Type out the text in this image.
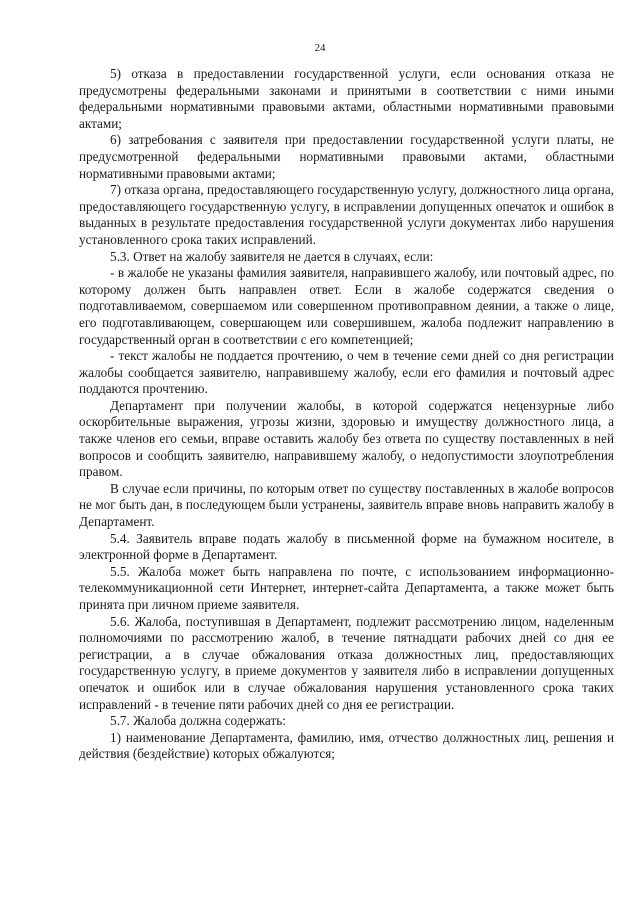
24

5) отказа в предоставлении государственной услуги, если основания отказа не предусмотрены федеральными законами и принятыми в соответствии с ними иными федеральными нормативными правовыми актами, областными нормативными правовыми актами;

6) затребования с заявителя при предоставлении государственной услуги платы, не предусмотренной федеральными нормативными правовыми актами, областными нормативными правовыми актами;

7) отказа органа, предоставляющего государственную услугу, должностного лица органа, предоставляющего государственную услугу, в исправлении допущенных опечаток и ошибок в выданных в результате предоставления государственной услуги документах либо нарушения установленного срока таких исправлений.

5.3. Ответ на жалобу заявителя не дается в случаях, если:

- в жалобе не указаны фамилия заявителя, направившего жалобу, или почтовый адрес, по которому должен быть направлен ответ. Если в жалобе содержатся сведения о подготавливаемом, совершаемом или совершенном противоправном деянии, а также о лице, его подготавливающем, совершающем или совершившем, жалоба подлежит направлению в государственный орган в соответствии с его компетенцией;

- текст жалобы не поддается прочтению, о чем в течение семи дней со дня регистрации жалобы сообщается заявителю, направившему жалобу, если его фамилия и почтовый адрес поддаются прочтению.

Департамент при получении жалобы, в которой содержатся нецензурные либо оскорбительные выражения, угрозы жизни, здоровью и имуществу должностного лица, а также членов его семьи, вправе оставить жалобу без ответа по существу поставленных в ней вопросов и сообщить заявителю, направившему жалобу, о недопустимости злоупотребления правом.

В случае если причины, по которым ответ по существу поставленных в жалобе вопросов не мог быть дан, в последующем были устранены, заявитель вправе вновь направить жалобу в Департамент.

5.4. Заявитель вправе подать жалобу в письменной форме на бумажном носителе, в электронной форме в Департамент.

5.5. Жалоба может быть направлена по почте, с использованием информационно-телекоммуникационной сети Интернет, интернет-сайта Департамента, а также может быть принята при личном приеме заявителя.

5.6. Жалоба, поступившая в Департамент, подлежит рассмотрению лицом, наделенным полномочиями по рассмотрению жалоб, в течение пятнадцати рабочих дней со дня ее регистрации, а в случае обжалования отказа должностных лиц, предоставляющих государственную услугу, в приеме документов у заявителя либо в исправлении допущенных опечаток и ошибок или в случае обжалования нарушения установленного срока таких исправлений - в течение пяти рабочих дней со дня ее регистрации.

5.7. Жалоба должна содержать:

1) наименование Департамента, фамилию, имя, отчество должностных лиц, решения и действия (бездействие) которых обжалуются;
